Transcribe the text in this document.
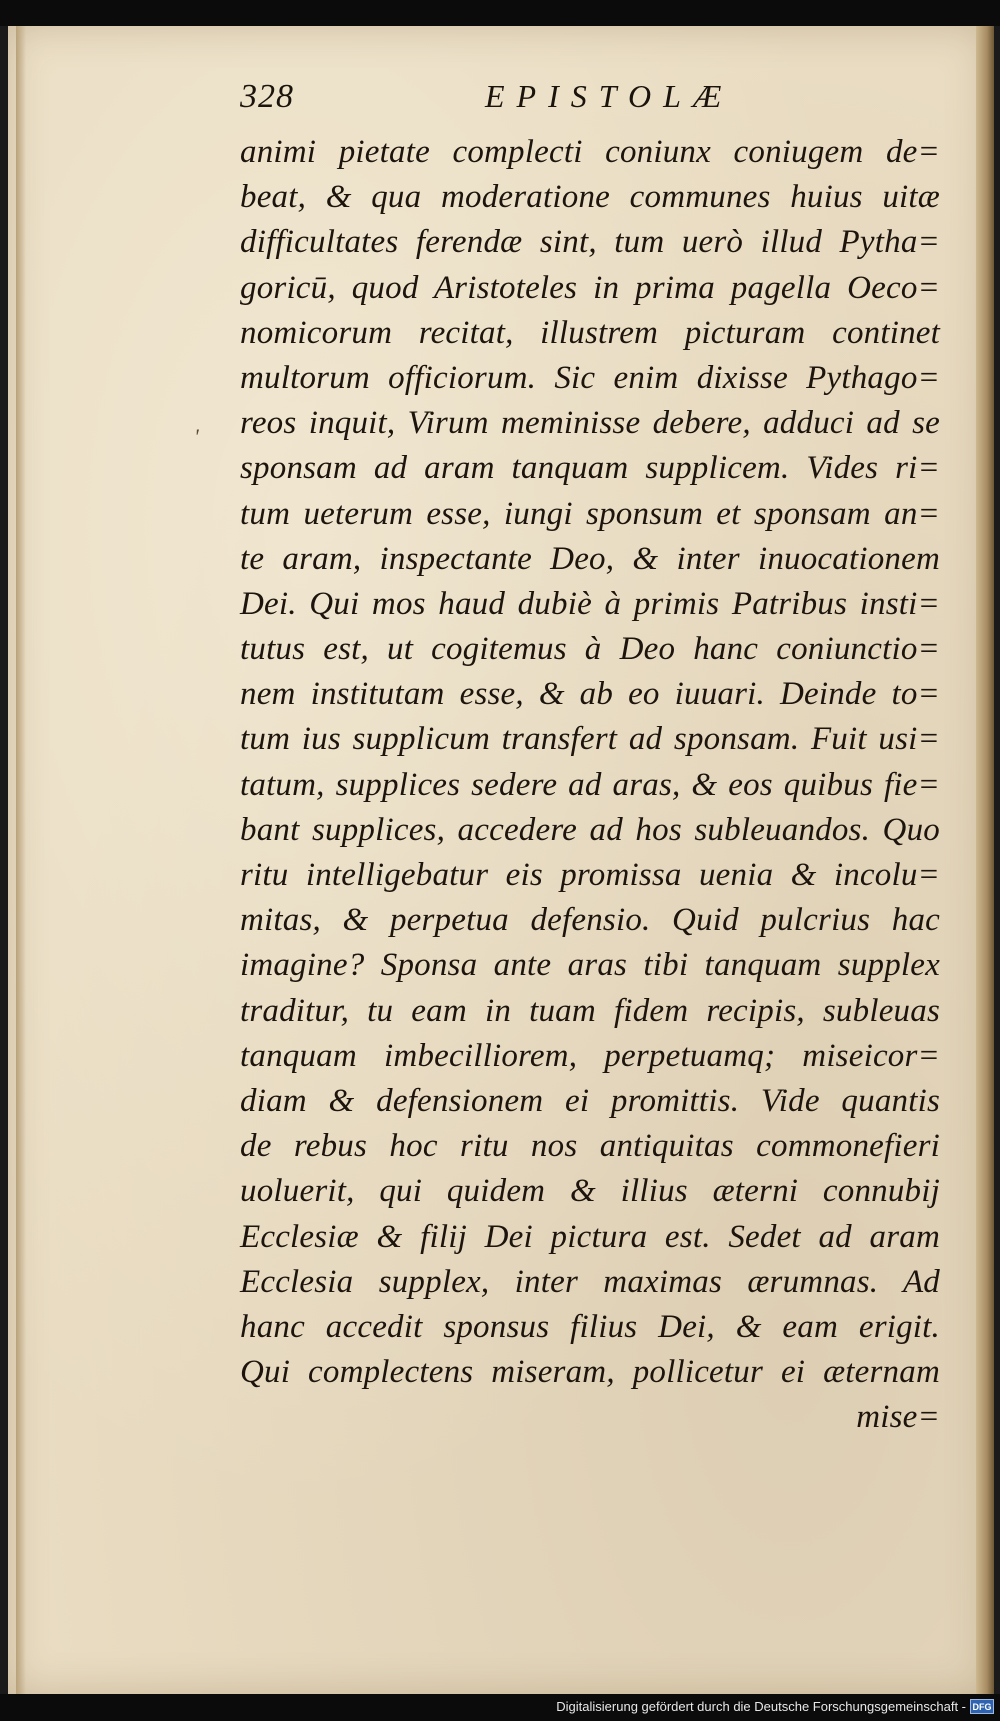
328	EPISTOLÆ
'
animi pietate complecti coniunx coniugem de=
beat, & qua moderatione communes huius uitæ
difficultates ferendæ sint, tum uerò illud Pytha=
goricū, quod Aristoteles in prima pagella Oeco=
nomicorum recitat, illustrem picturam continet
multorum officiorum. Sic enim dixisse Pythago=
reos inquit, Virum meminisse debere, adduci ad se
sponsam ad aram tanquam supplicem. Vides ri=
tum ueterum esse, iungi sponsum et sponsam an=
te aram, inspectante Deo, & inter inuocationem
Dei. Qui mos haud dubiè à primis Patribus insti=
tutus est, ut cogitemus à Deo hanc coniunctio=
nem institutam esse, & ab eo iuuari. Deinde to=
tum ius supplicum transfert ad sponsam. Fuit usi=
tatum, supplices sedere ad aras, & eos quibus fie=
bant supplices, accedere ad hos subleuandos. Quo
ritu intelligebatur eis promissa uenia & incolu=
mitas, & perpetua defensio. Quid pulcrius hac
imagine? Sponsa ante aras tibi tanquam supplex
traditur, tu eam in tuam fidem recipis, subleuas
tanquam imbecilliorem, perpetuamq; miseicor=
diam & defensionem ei promittis. Vide quantis
de rebus hoc ritu nos antiquitas commonefieri
uoluerit, qui quidem & illius æterni connubij
Ecclesiæ & filij Dei pictura est. Sedet ad aram
Ecclesia supplex, inter maximas ærumnas. Ad
hanc accedit sponsus filius Dei, & eam erigit.
Qui complectens miseram, pollicetur ei æternam
mise=
Digitalisierung gefördert durch die Deutsche Forschungsgemeinschaft - DFG
